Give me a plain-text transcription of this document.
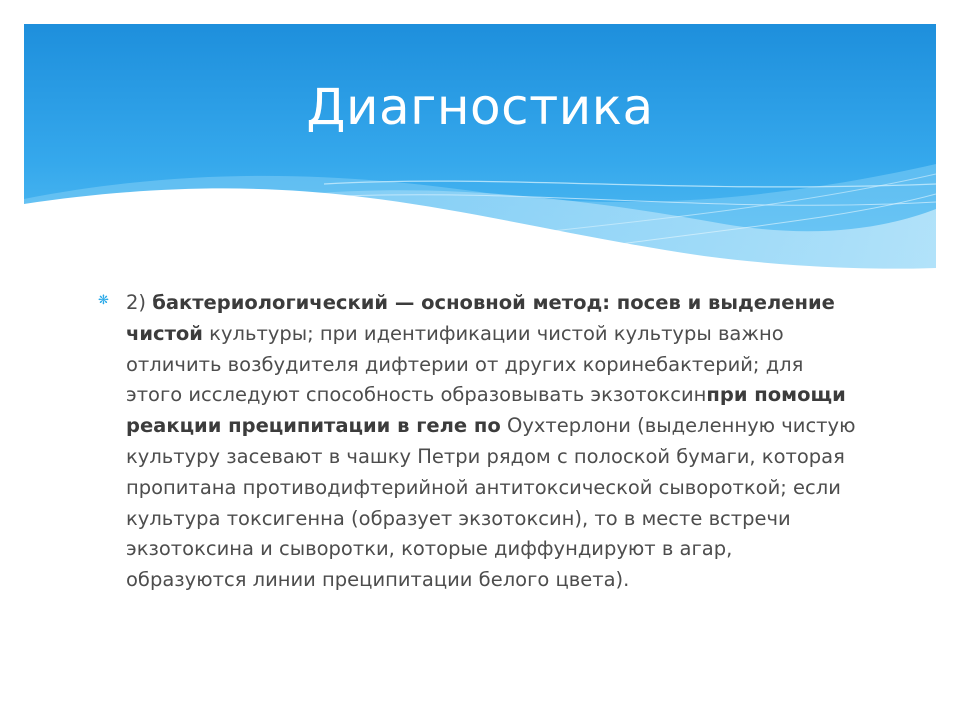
Диагностика
❋ 2) бактериологический — основной метод: посев и выделение чистой культуры; при идентификации чистой культуры важно отличить возбудителя дифтерии от других коринебактерий; для этого исследуют способность образовывать экзотоксинпри помощи реакции преципитации в геле по Оухтерлони (выделенную чистую культуру засевают в чашку Петри рядом с полоской бумаги, которая пропитана противодифтерийной антитоксической сывороткой; если культура токсигенна (образует экзотоксин), то в месте встречи экзотоксина и сыворотки, которые диффундируют в агар, образуются линии преципитации белого цвета).
